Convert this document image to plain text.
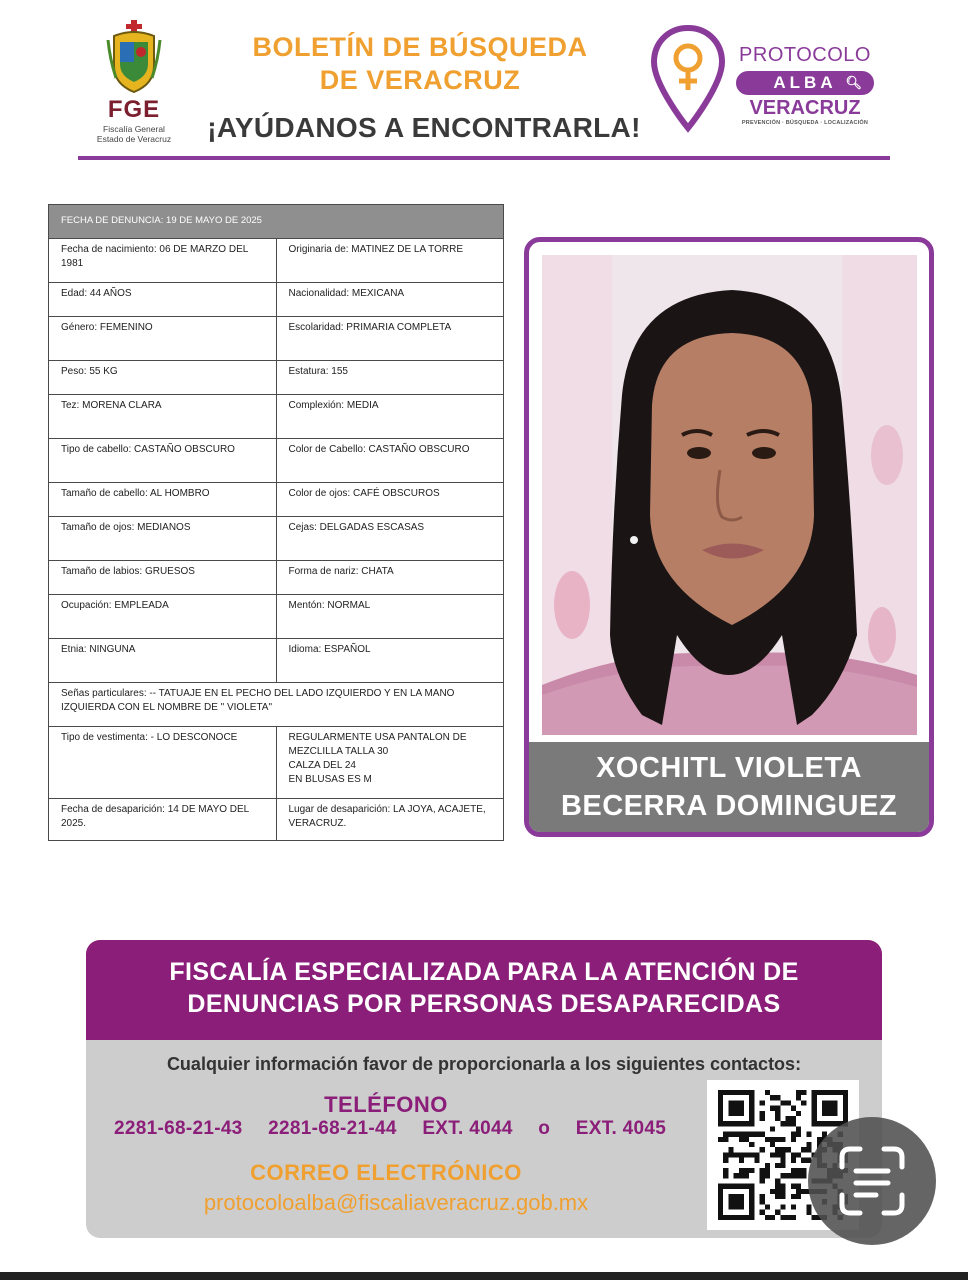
FGE
Fiscalía General
Estado de Veracruz
BOLETÍN DE BÚSQUEDA
DE VERACRUZ
¡AYÚDANOS A ENCONTRARLA!
PROTOCOLO
ALBA 🔍︎
VERACRUZ
PREVENCIÓN · BÚSQUEDA · LOCALIZACIÓN
FECHA DE DENUNCIA: 19 DE MAYO DE 2025	
Fecha de nacimiento: 06 DE MARZO DEL 1981	Originaria de: MATINEZ DE LA TORRE
Edad: 44 AÑOS	Nacionalidad: MEXICANA
Género: FEMENINO	Escolaridad: PRIMARIA COMPLETA
Peso: 55 KG	Estatura: 155
Tez: MORENA CLARA	Complexión: MEDIA
Tipo de cabello: CASTAÑO OBSCURO	Color de Cabello: CASTAÑO OBSCURO
Tamaño de cabello: AL HOMBRO	Color de ojos: CAFÉ OBSCUROS
Tamaño de ojos: MEDIANOS	Cejas: DELGADAS ESCASAS
Tamaño de labios: GRUESOS	Forma de nariz: CHATA
Ocupación: EMPLEADA	Mentón: NORMAL
Etnia: NINGUNA	Idioma: ESPAÑOL
Señas particulares: -- TATUAJE EN EL PECHO DEL LADO IZQUIERDO Y EN LA MANO IZQUIERDA CON EL NOMBRE DE " VIOLETA"	
Tipo de vestimenta: - LO DESCONOCE	REGULARMENTE USA PANTALON DE
MEZCLILLA TALLA 30
CALZA DEL 24
EN BLUSAS ES M

Fecha de desaparición: 14 DE MAYO DEL 2025.	Lugar de desaparición: LA JOYA, ACAJETE, VERACRUZ.
XOCHITL VIOLETA
BECERRA DOMINGUEZ
FISCALÍA ESPECIALIZADA PARA LA ATENCIÓN DE
DENUNCIAS POR PERSONAS DESAPARECIDAS
Cualquier información favor de proporcionarla a los siguientes contactos:
TELÉFONO
2281-68-21-43 2281-68-21-44 EXT. 4044 o EXT. 4045
CORREO ELECTRÓNICO
protocoloalba@fiscaliaveracruz.gob.mx
